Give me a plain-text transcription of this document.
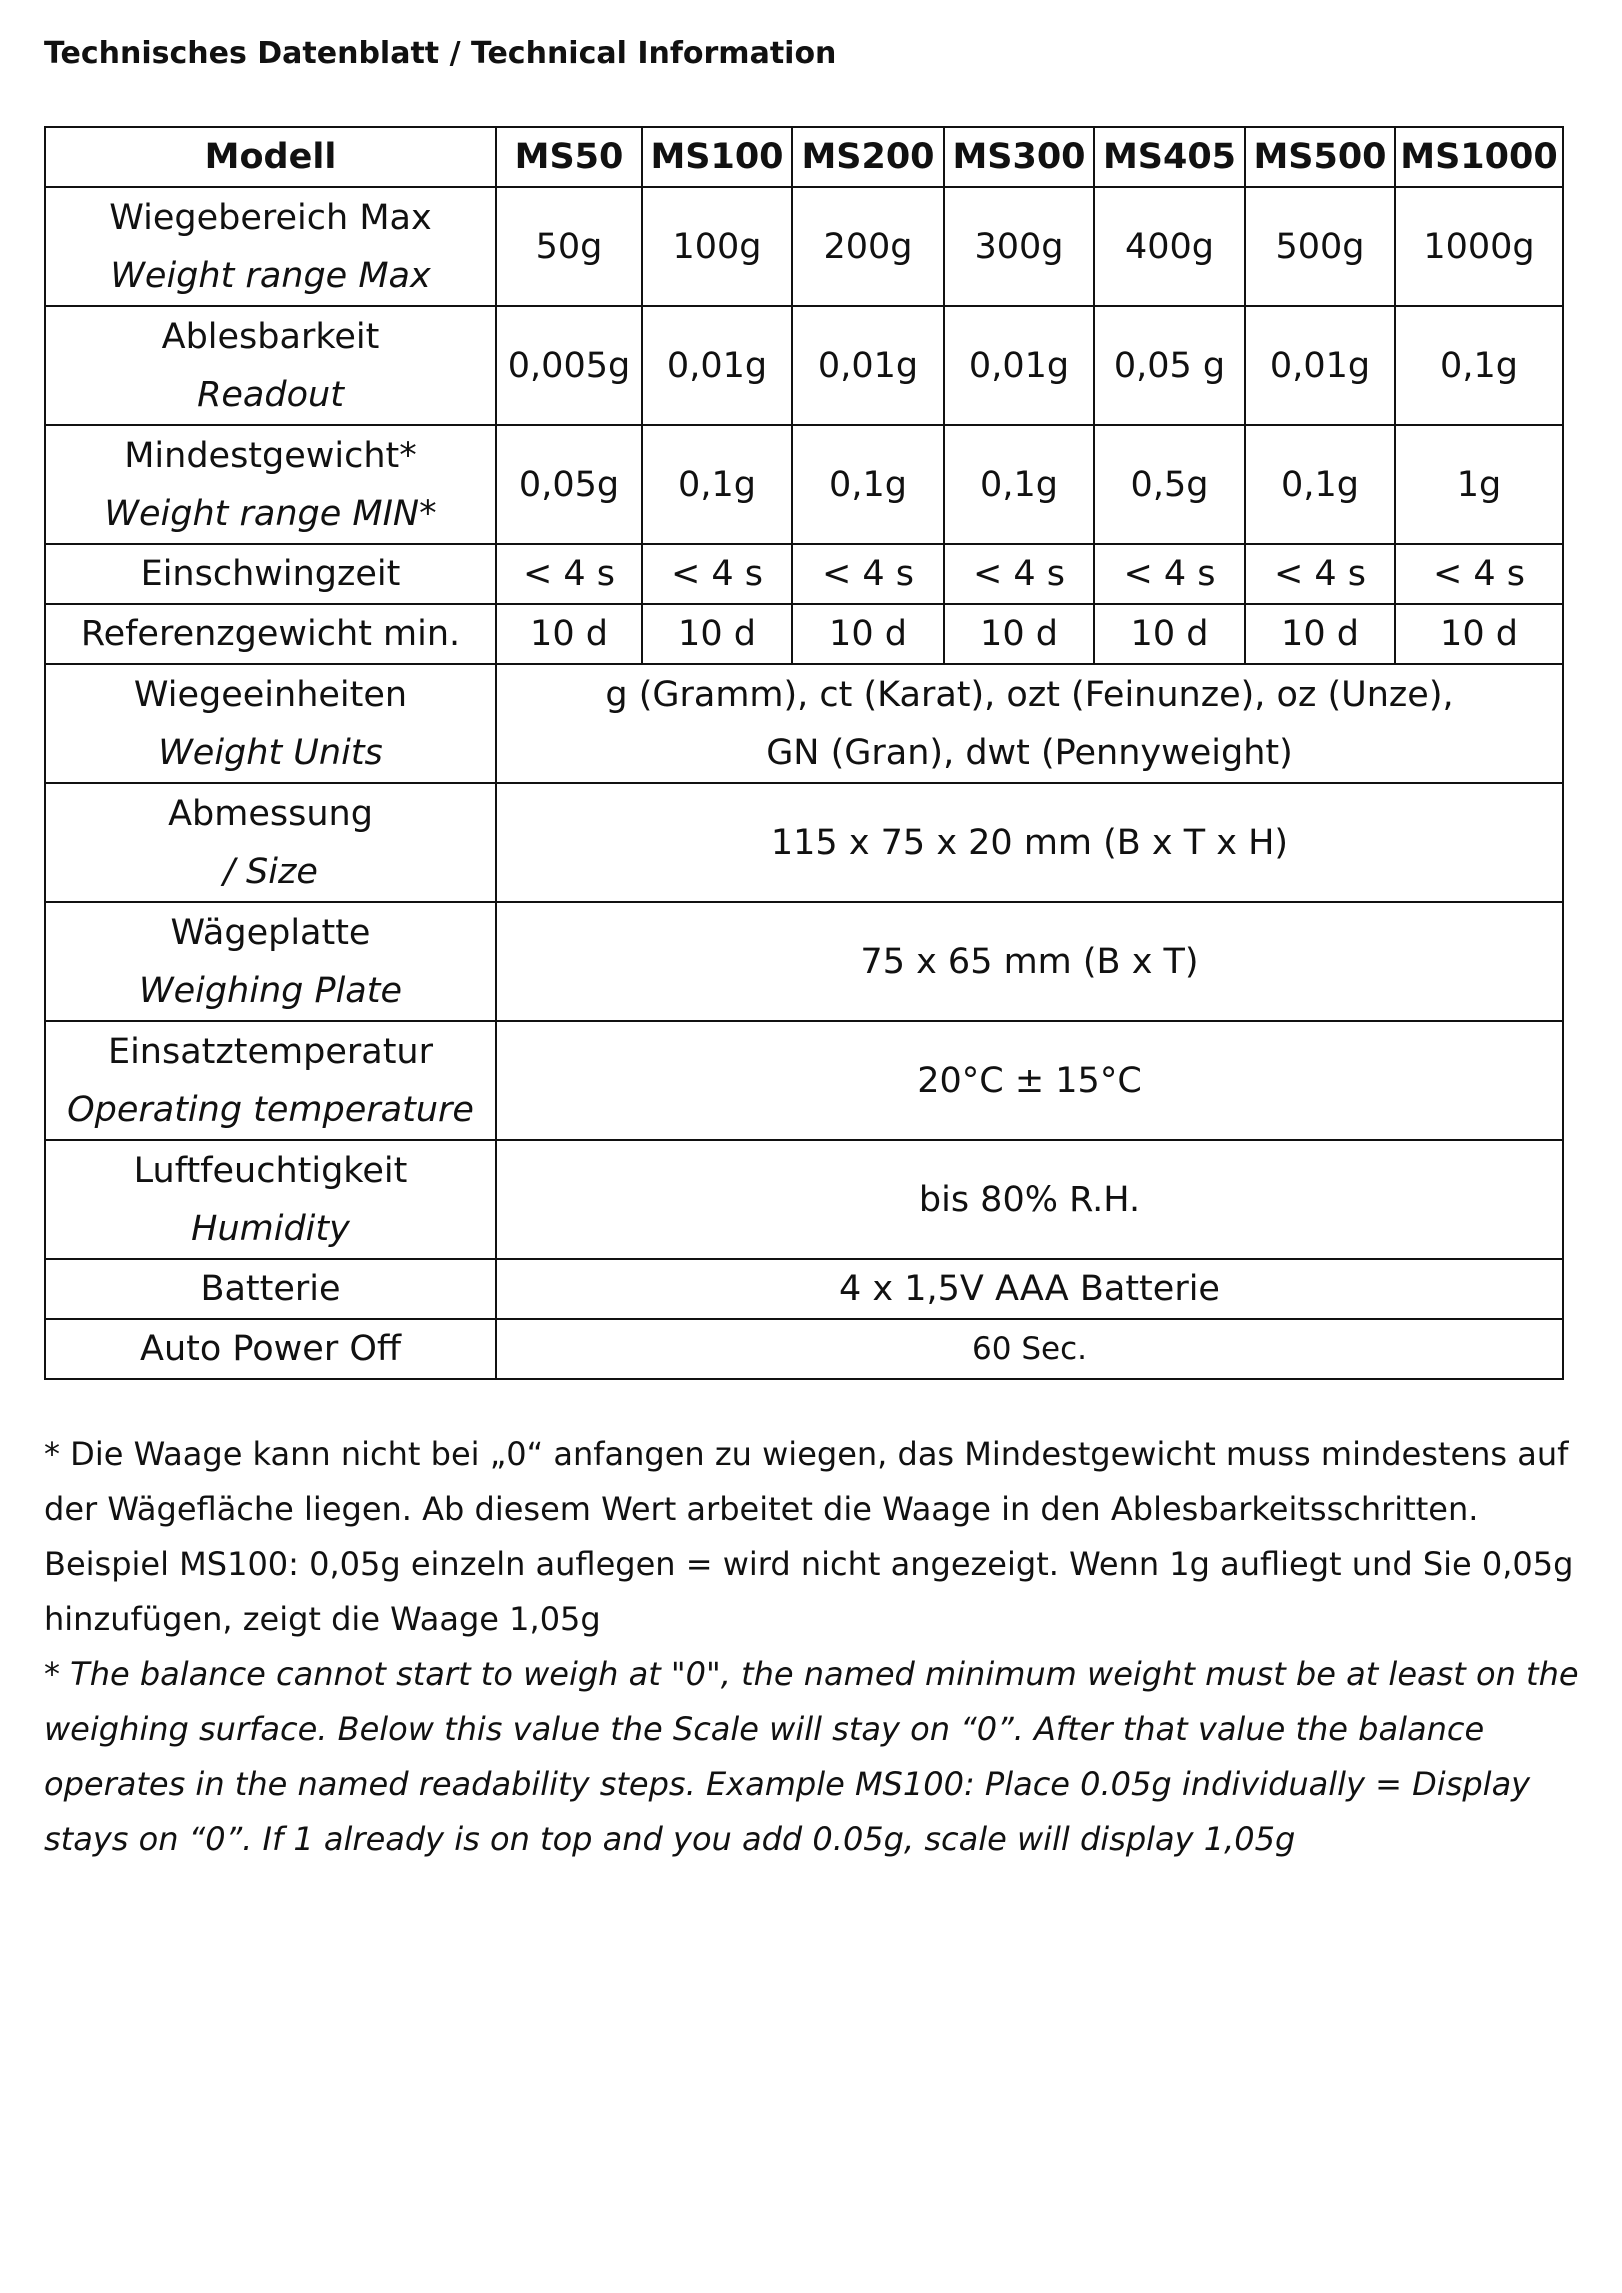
Technisches Datenblatt / Technical Information
Modell	MS50	MS100	MS200	MS300	MS405	MS500	MS1000

Wiegebereich Max
Weight range Max	50g	100g	200g	300g	400g	500g	1000g

Ablesbarkeit
Readout	0,005g	0,01g	0,01g	0,01g	0,05 g	0,01g	0,1g

Mindestgewicht*
Weight range MIN*	0,05g	0,1g	0,1g	0,1g	0,5g	0,1g	1g
Einschwingzeit	< 4 s	< 4 s	< 4 s	< 4 s	< 4 s	< 4 s	< 4 s
Referenzgewicht min.	10 d	10 d	10 d	10 d	10 d	10 d	10 d

Wiegeeinheiten
Weight Units	g (Gramm), ct (Karat), ozt (Feinunze), oz (Unze),
GN (Gran), dwt (Pennyweight)						

Abmessung
/ Size	115 x 75 x 20 mm (B x T x H)						

Wägeplatte
Weighing Plate	75 x 65 mm (B x T)						

Einsatztemperatur
Operating temperature	20°C ± 15°C						

Luftfeuchtigkeit
Humidity	bis 80% R.H.						
Batterie	4 x 1,5V AAA Batterie						
Auto Power Off	60 Sec.						

* Die Waage kann nicht bei „0“ anfangen zu wiegen, das Mindestgewicht muss mindestens auf der Wägefläche liegen. Ab diesem Wert arbeitet die Waage in den Ablesbarkeitsschritten. Beispiel MS100: 0,05g einzeln auflegen = wird nicht angezeigt. Wenn 1g aufliegt und Sie 0,05g hinzufügen, zeigt die Waage 1,05g

* The balance cannot start to weigh at "0", the named minimum weight must be at least on the weighing surface. Below this value the Scale will stay on “0”. After that value the balance operates in the named readability steps. Example MS100: Place 0.05g individually = Display stays on “0”. If 1 already is on top and you add 0.05g, scale will display 1,05g
